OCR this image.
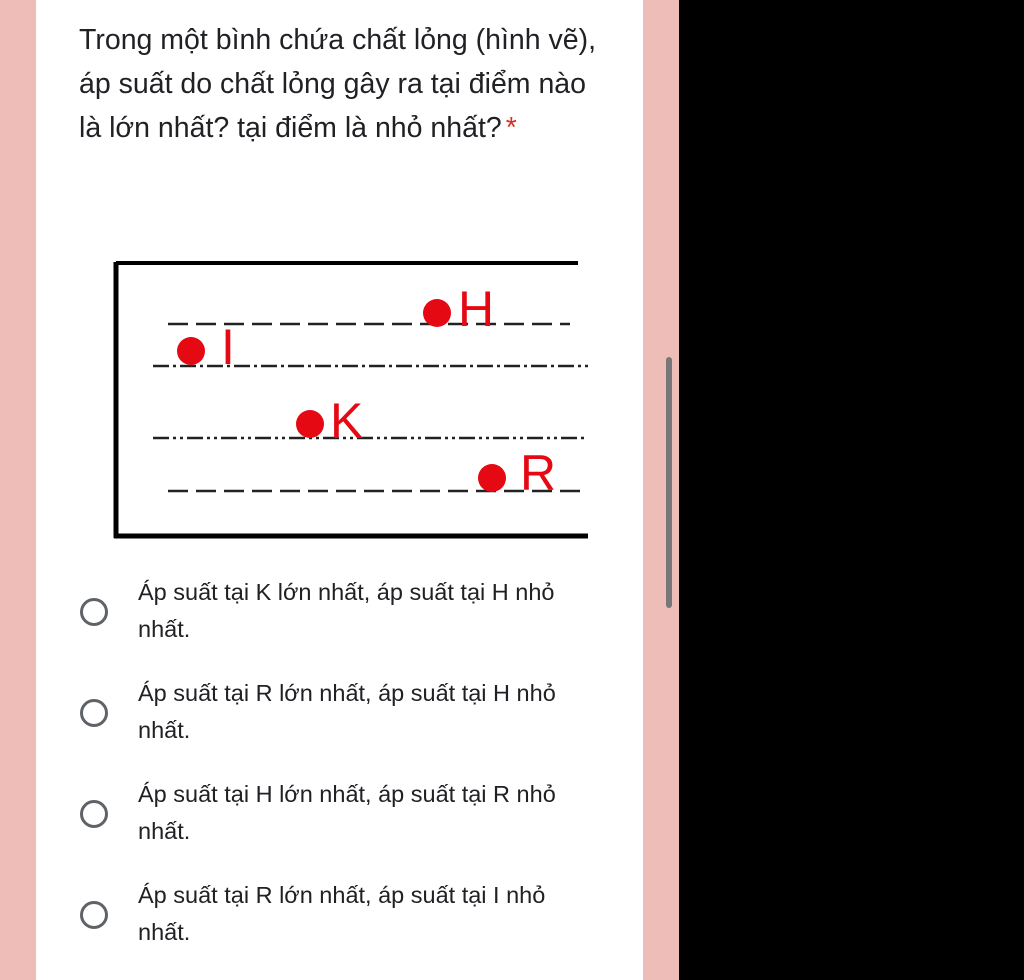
Trong một bình chứa chất lỏng (hình vẽ), áp suất do chất lỏng gây ra tại điểm nào là lớn nhất? tại điểm là nhỏ nhất? *
H
I
K
R
Áp suất tại K lớn nhất, áp suất tại H nhỏ nhất.
Áp suất tại R lớn nhất, áp suất tại H nhỏ nhất.
Áp suất tại H lớn nhất, áp suất tại R nhỏ nhất.
Áp suất tại R lớn nhất, áp suất tại I nhỏ nhất.
